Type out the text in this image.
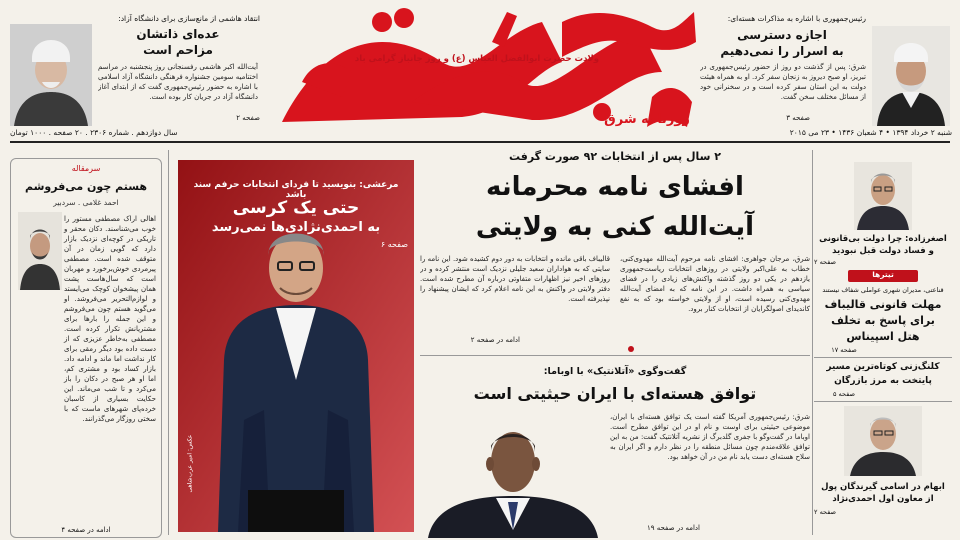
ولادت حضرت ابوالفضل العباس (ع) و روز جانباز گرامی باد
روزنامه شرق
رئیس‌جمهوری با اشاره به مذاکرات هسته‌ای:
اجازه دسترسی
به اسرار را نمی‌دهیم
شرق: پس از گذشت دو روز از حضور رئیس‌جمهوری در تبریز، او صبح دیروز به زنجان سفر کرد. او به همراه هیئت دولت به این استان سفر کرده است و در سخنرانی خود از مسائل مختلف سخن گفت.
صفحه ۳
انتقاد هاشمی از مانع‌سازی برای دانشگاه آزاد:
عده‌ای ذاتشان
مزاحم است
آیت‌الله اکبر هاشمی رفسنجانی روز پنجشنبه در مراسم اختتامیه سومین جشنواره فرهنگی دانشگاه آزاد اسلامی با اشاره به حضور رئیس‌جمهوری گفت که از ابتدای آغاز دانشگاه آزاد در جریان کار بوده است.
صفحه ۲
شنبه ۲ خرداد ۱۳۹۴ • ۴ شعبان ۱۴۳۶ • ۲۳ می ۲۰۱۵
سال دوازدهم . شماره ۲۳۰۶ . ۲۰ صفحه . ۱۰۰۰ تومان
۲ سال پس از انتخابات ۹۲ صورت گرفت
افشای نامه محرمانه
آیت‌الله کنی به ولایتی
شرق، مرجان جواهری: افشای نامه مرحوم آیت‌الله مهدوی‌کنی، خطاب به علی‌اکبر ولایتی در روزهای انتخابات ریاست‌جمهوری یازدهم در یکی دو روز گذشته واکنش‌های زیادی را در فضای سیاسی به همراه داشت. در این نامه که به امضای آیت‌الله مهدوی‌کنی رسیده است، او از ولایتی خواسته بود که به نفع کاندیدای اصولگرایان از انتخابات کنار برود.
قالیباف باقی مانده و انتخابات به دور دوم کشیده شود. این نامه را سایتی که به هواداران سعید جلیلی نزدیک است منتشر کرده و در روزهای اخیر نیز اظهارات متفاوتی درباره آن مطرح شده است. دفتر ولایتی در واکنش به این نامه اعلام کرد که ایشان پیشنهاد را نپذیرفته است.
ادامه در صفحه ۲
مرعشی: بنویسید تا فردای انتخابات حرفم سند باشد
حتی یک کرسی
به احمدی‌نژادی‌ها نمی‌رسد
صفحه ۶
عکس: امیر عرب‌شاهی
گفت‌وگوی «آتلانتیک» با اوباما:
توافق هسته‌ای با ایران حیثیتی است
شرق: رئیس‌جمهوری آمریکا گفته است یک توافق هسته‌ای با ایران، موضوعی حیثیتی برای اوست و نام او در این توافق مطرح است. اوباما در گفت‌وگو با جفری گلدبرگ از نشریه آتلانتیک گفت: من به این توافق علاقه‌مندم چون مسائل منطقه را در نظر دارم و اگر ایران به سلاح هسته‌ای دست یابد نام من در آن خواهد بود.
ادامه در صفحه ۱۹
سرمقاله
هستم چون می‌فروشم
احمد غلامی . سردبیر
اهالی اراک مصطفی مستور را خوب می‌شناسند. دکان محقر و تاریکی در کوچه‌ای نزدیک بازار دارد که گویی زمان در آن متوقف شده است. مصطفی پیرمردی خوش‌برخورد و مهربان است که سال‌هاست پشت همان پیشخوان کوچک می‌ایستد و لوازم‌التحریر می‌فروشد. او می‌گوید هستم چون می‌فروشم و این جمله را بارها برای مشتریانش تکرار کرده است. مصطفی به‌خاطر عزیزی که از دست داده بود دیگر رمقی برای کار نداشت اما ماند و ادامه داد. بازار کساد بود و مشتری کم، اما او هر صبح در دکان را باز می‌کرد و تا شب می‌ماند. این حکایت بسیاری از کاسبان خرده‌پای شهرهای ماست که با سختی روزگار می‌گذرانند.
ادامه در صفحه ۴
اصغرزاده: چرا دولت بی‌قانونی
و فساد دولت قبل نبودید
صفحه ۲
تیترها
قناعتی، مدیران شهری عواملی شفاف نیستند
مهلت قانونی قالیباف
برای پاسخ به تخلف
هتل اسپیناس
صفحه ۱۷
کلنگ‌زنی کوتاه‌ترین مسیر
پایتخت به مرز بازرگان
صفحه ۵
ابهام در اسامی گیرندگان پول
از معاون اول احمدی‌نژاد
صفحه ۲
